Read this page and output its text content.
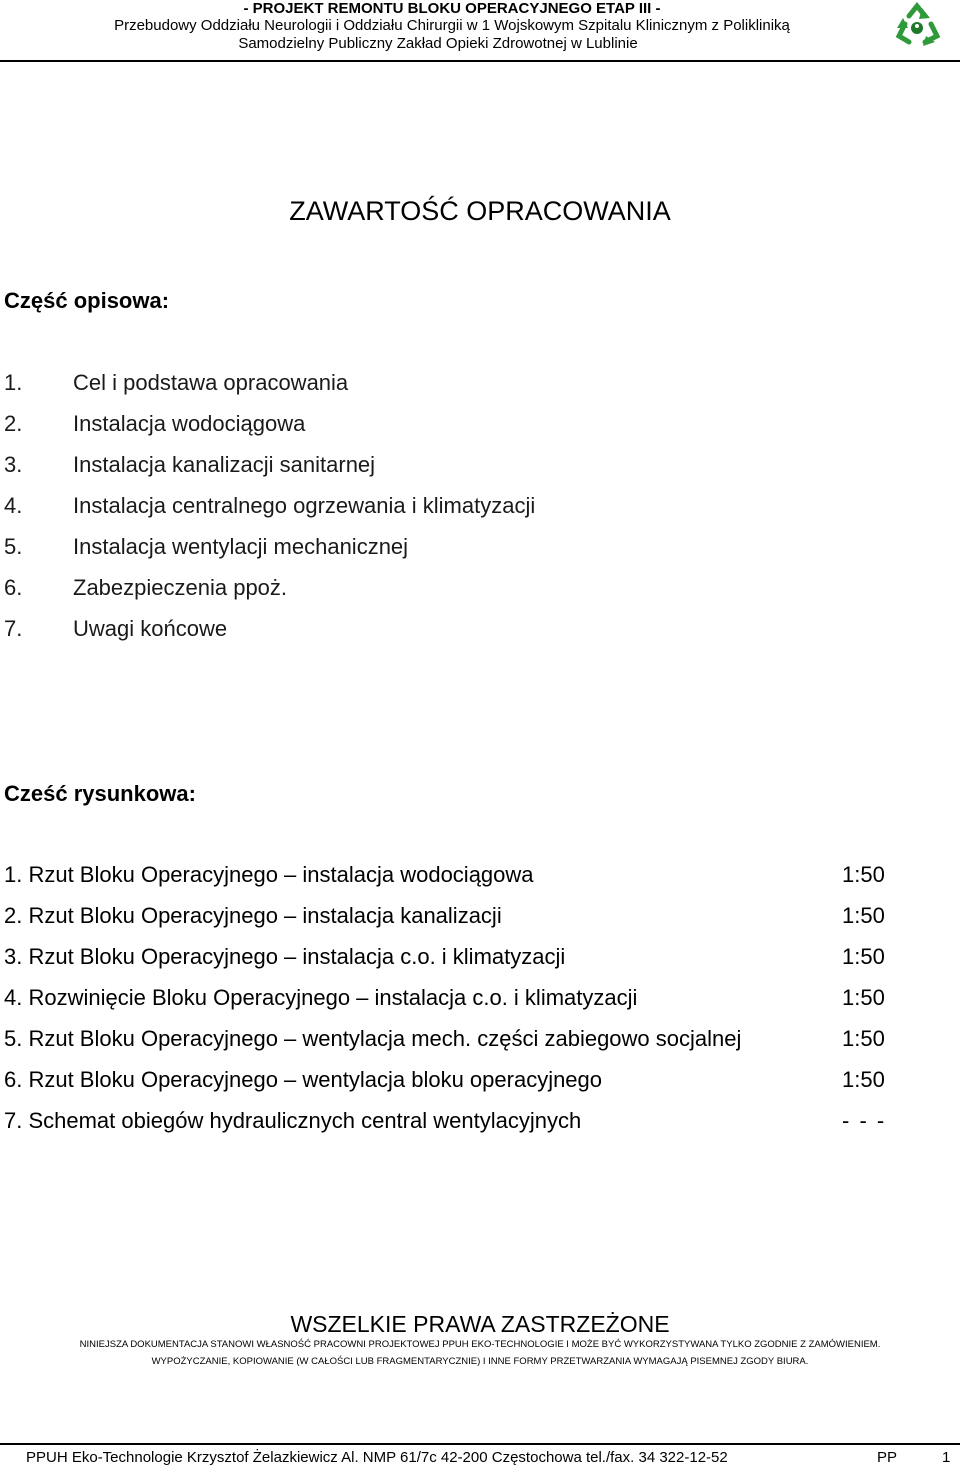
- PROJEKT REMONTU BLOKU OPERACYJNEGO ETAP III -
Przebudowy Oddziału Neurologii i Oddziału Chirurgii w 1 Wojskowym Szpitalu Klinicznym z Polikliniką
Samodzielny Publiczny Zakład Opieki Zdrowotnej w Lublinie
ZAWARTOŚĆ OPRACOWANIA
Część opisowa:
1. Cel i podstawa opracowania
2. Instalacja wodociągowa
3. Instalacja kanalizacji sanitarnej
4. Instalacja centralnego ogrzewania i klimatyzacji
5. Instalacja wentylacji mechanicznej
6. Zabezpieczenia ppoż.
7. Uwagi końcowe
Cześć rysunkowa:
1. Rzut Bloku Operacyjnego – instalacja wodociągowa	1:50
2. Rzut Bloku Operacyjnego – instalacja kanalizacji	1:50
3. Rzut Bloku Operacyjnego – instalacja c.o. i klimatyzacji	1:50
4. Rozwinięcie Bloku Operacyjnego – instalacja c.o. i klimatyzacji	1:50
5. Rzut Bloku Operacyjnego – wentylacja mech. części zabiegowo socjalnej	1:50
6. Rzut Bloku Operacyjnego – wentylacja bloku operacyjnego	1:50
7. Schemat obiegów hydraulicznych central wentylacyjnych	- - -
WSZELKIE PRAWA ZASTRZEŻONE
NINIEJSZA DOKUMENTACJA STANOWI WŁASNOŚĆ PRACOWNI PROJEKTOWEJ PPUH EKO-TECHNOLOGIE I MOŻE BYĆ WYKORZYSTYWANA TYLKO ZGODNIE Z ZAMÓWIENIEM.
WYPOŻYCZANIE, KOPIOWANIE (W CAŁOŚCI LUB FRAGMENTARYCZNIE) I INNE FORMY PRZETWARZANIA WYMAGAJĄ PISEMNEJ ZGODY BIURA.
PPUH Eko-Technologie Krzysztof Żelazkiewicz Al. NMP 61/7c 42-200 Częstochowa tel./fax. 34 322-12-52	PP	1
